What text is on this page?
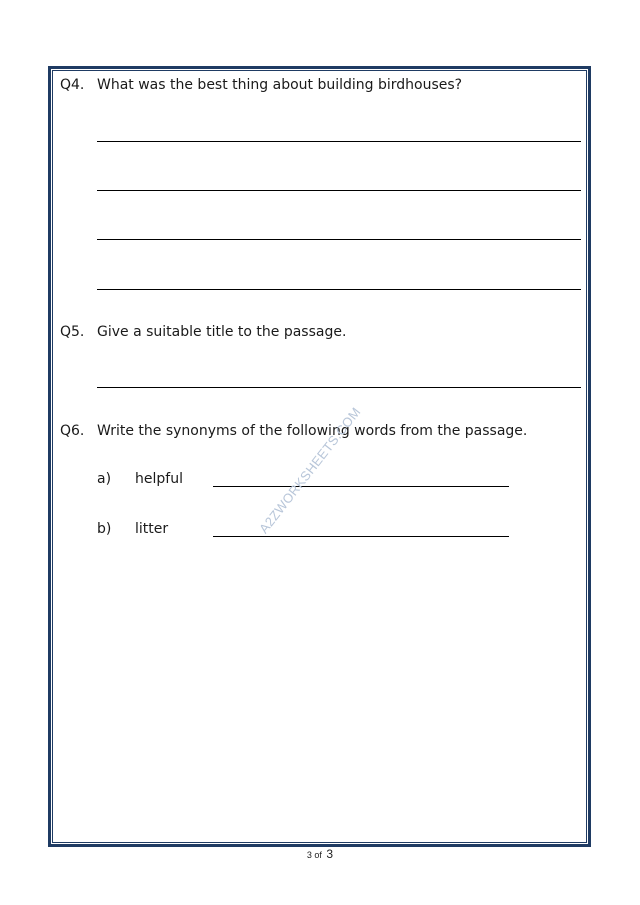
Q4. What was the best thing about building birdhouses?
Q5. Give a suitable title to the passage.
Q6. Write the synonyms of the following words from the passage.
a) helpful
b) litter	A2ZWORKSHEETS.COM
3 of 3
